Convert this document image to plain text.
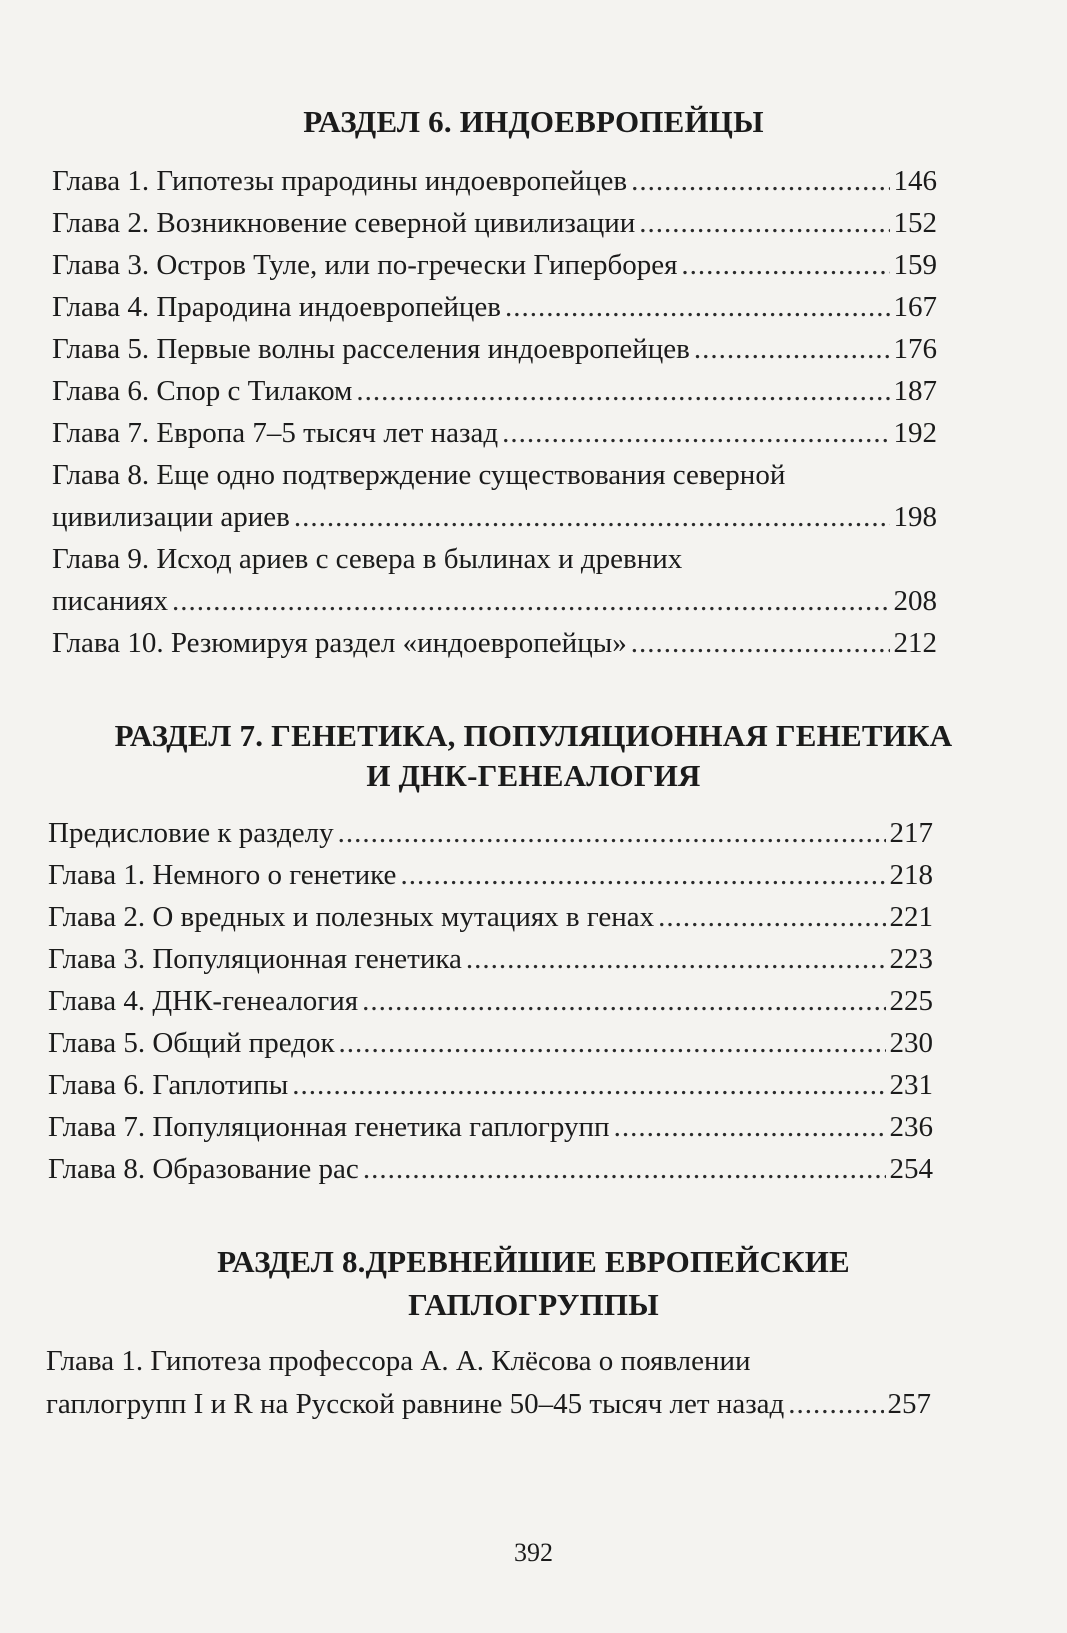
РАЗДЕЛ 6. ИНДОЕВРОПЕЙЦЫ
Глава 1. Гипотезы прародины индоевропейцев .....	146
Глава 2. Возникновение северной цивилизации .....	152
Глава 3. Остров Туле, или по-гречески Гиперборея .....	159
Глава 4. Прародина индоевропейцев .....	167
Глава 5. Первые волны расселения индоевропейцев .....	176
Глава 6. Спор с Тилаком .....	187
Глава 7. Европа 7–5 тысяч лет назад .....	192
Глава 8. Еще одно подтверждение существования северной
цивилизации ариев .....	198
Глава 9. Исход ариев с севера в былинах и древних
писаниях .....	208
Глава 10. Резюмируя раздел «индоевропейцы» .....	212
РАЗДЕЛ 7. ГЕНЕТИКА, ПОПУЛЯЦИОННАЯ ГЕНЕТИКА
И ДНК-ГЕНЕАЛОГИЯ
Предисловие к разделу .....	217
Глава 1. Немного о генетике .....	218
Глава 2. О вредных и полезных мутациях в генах .....	221
Глава 3. Популяционная генетика .....	223
Глава 4. ДНК-генеалогия .....	225
Глава 5. Общий предок .....	230
Глава 6. Гаплотипы .....	231
Глава 7. Популяционная генетика гаплогрупп .....	236
Глава 8. Образование рас .....	254
РАЗДЕЛ 8.ДРЕВНЕЙШИЕ ЕВРОПЕЙСКИЕ
ГАПЛОГРУППЫ
Глава 1. Гипотеза профессора А. А. Клёсова о появлении
гаплогрупп I и R на Русской равнине 50–45 тысяч лет назад .....	257
392
